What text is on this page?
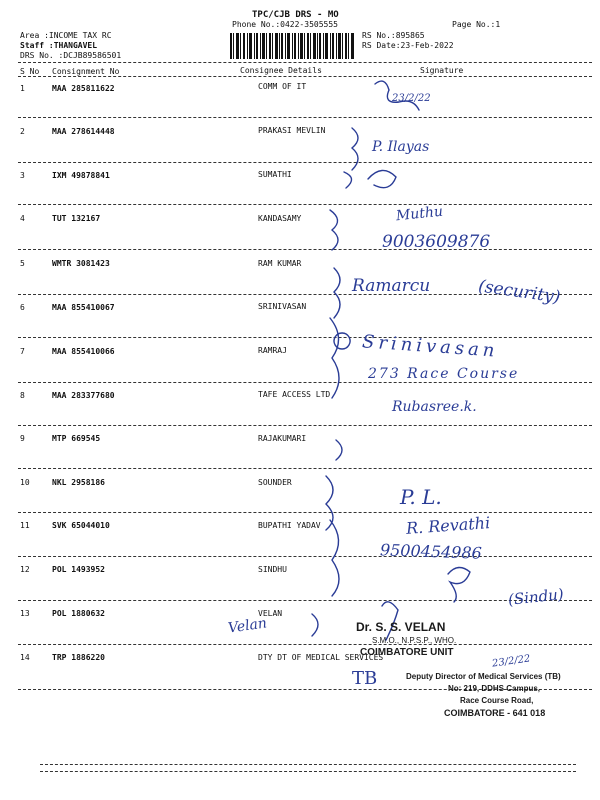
TPC/CJB DRS - MO
Phone No.:0422-3505555	Page No.:1
Area :INCOME TAX RC
Staff :THANGAVEL
DRS No. :DCJB89586501
RS No.:895865
RS Date:23-Feb-2022
S No Consignment No	Consignee Details	Signature
1	MAA 285811622	COMM OF IT
2	MAA 278614448	PRAKASI MEVLIN
3	IXM 49878841	SUMATHI
4	TUT 132167	KANDASAMY
5	WMTR 3081423	RAM KUMAR
6	MAA 855410067	SRINIVASAN
7	MAA 855410066	RAMRAJ
8	MAA 283377680	TAFE ACCESS LTD
9	MTP 669545	RAJAKUMARI
10	NKL 2958186	SOUNDER
11	SVK 65044010	BUPATHI YADAV
12	POL 1493952	SINDHU
13	POL 1880632	VELAN
14	TRP 1886220	DTY DT OF MEDICAL SERVICES
23/2/22
P. Ilayas
Muthu
9003609876
Ramarcu	(security)
Srinivasan
273 Race Course
Rubasree.k.
P. L.
R. Revathi
9500454986
(Sindu)
Velan
TB
23/2/22
Dr. S. S. VELAN
S.M.O., N.P.S.P., WHO.
COIMBATORE UNIT
Deputy Director of Medical Services (TB)
No: 219, DDHS Campus,
Race Course Road,
COIMBATORE - 641 018
